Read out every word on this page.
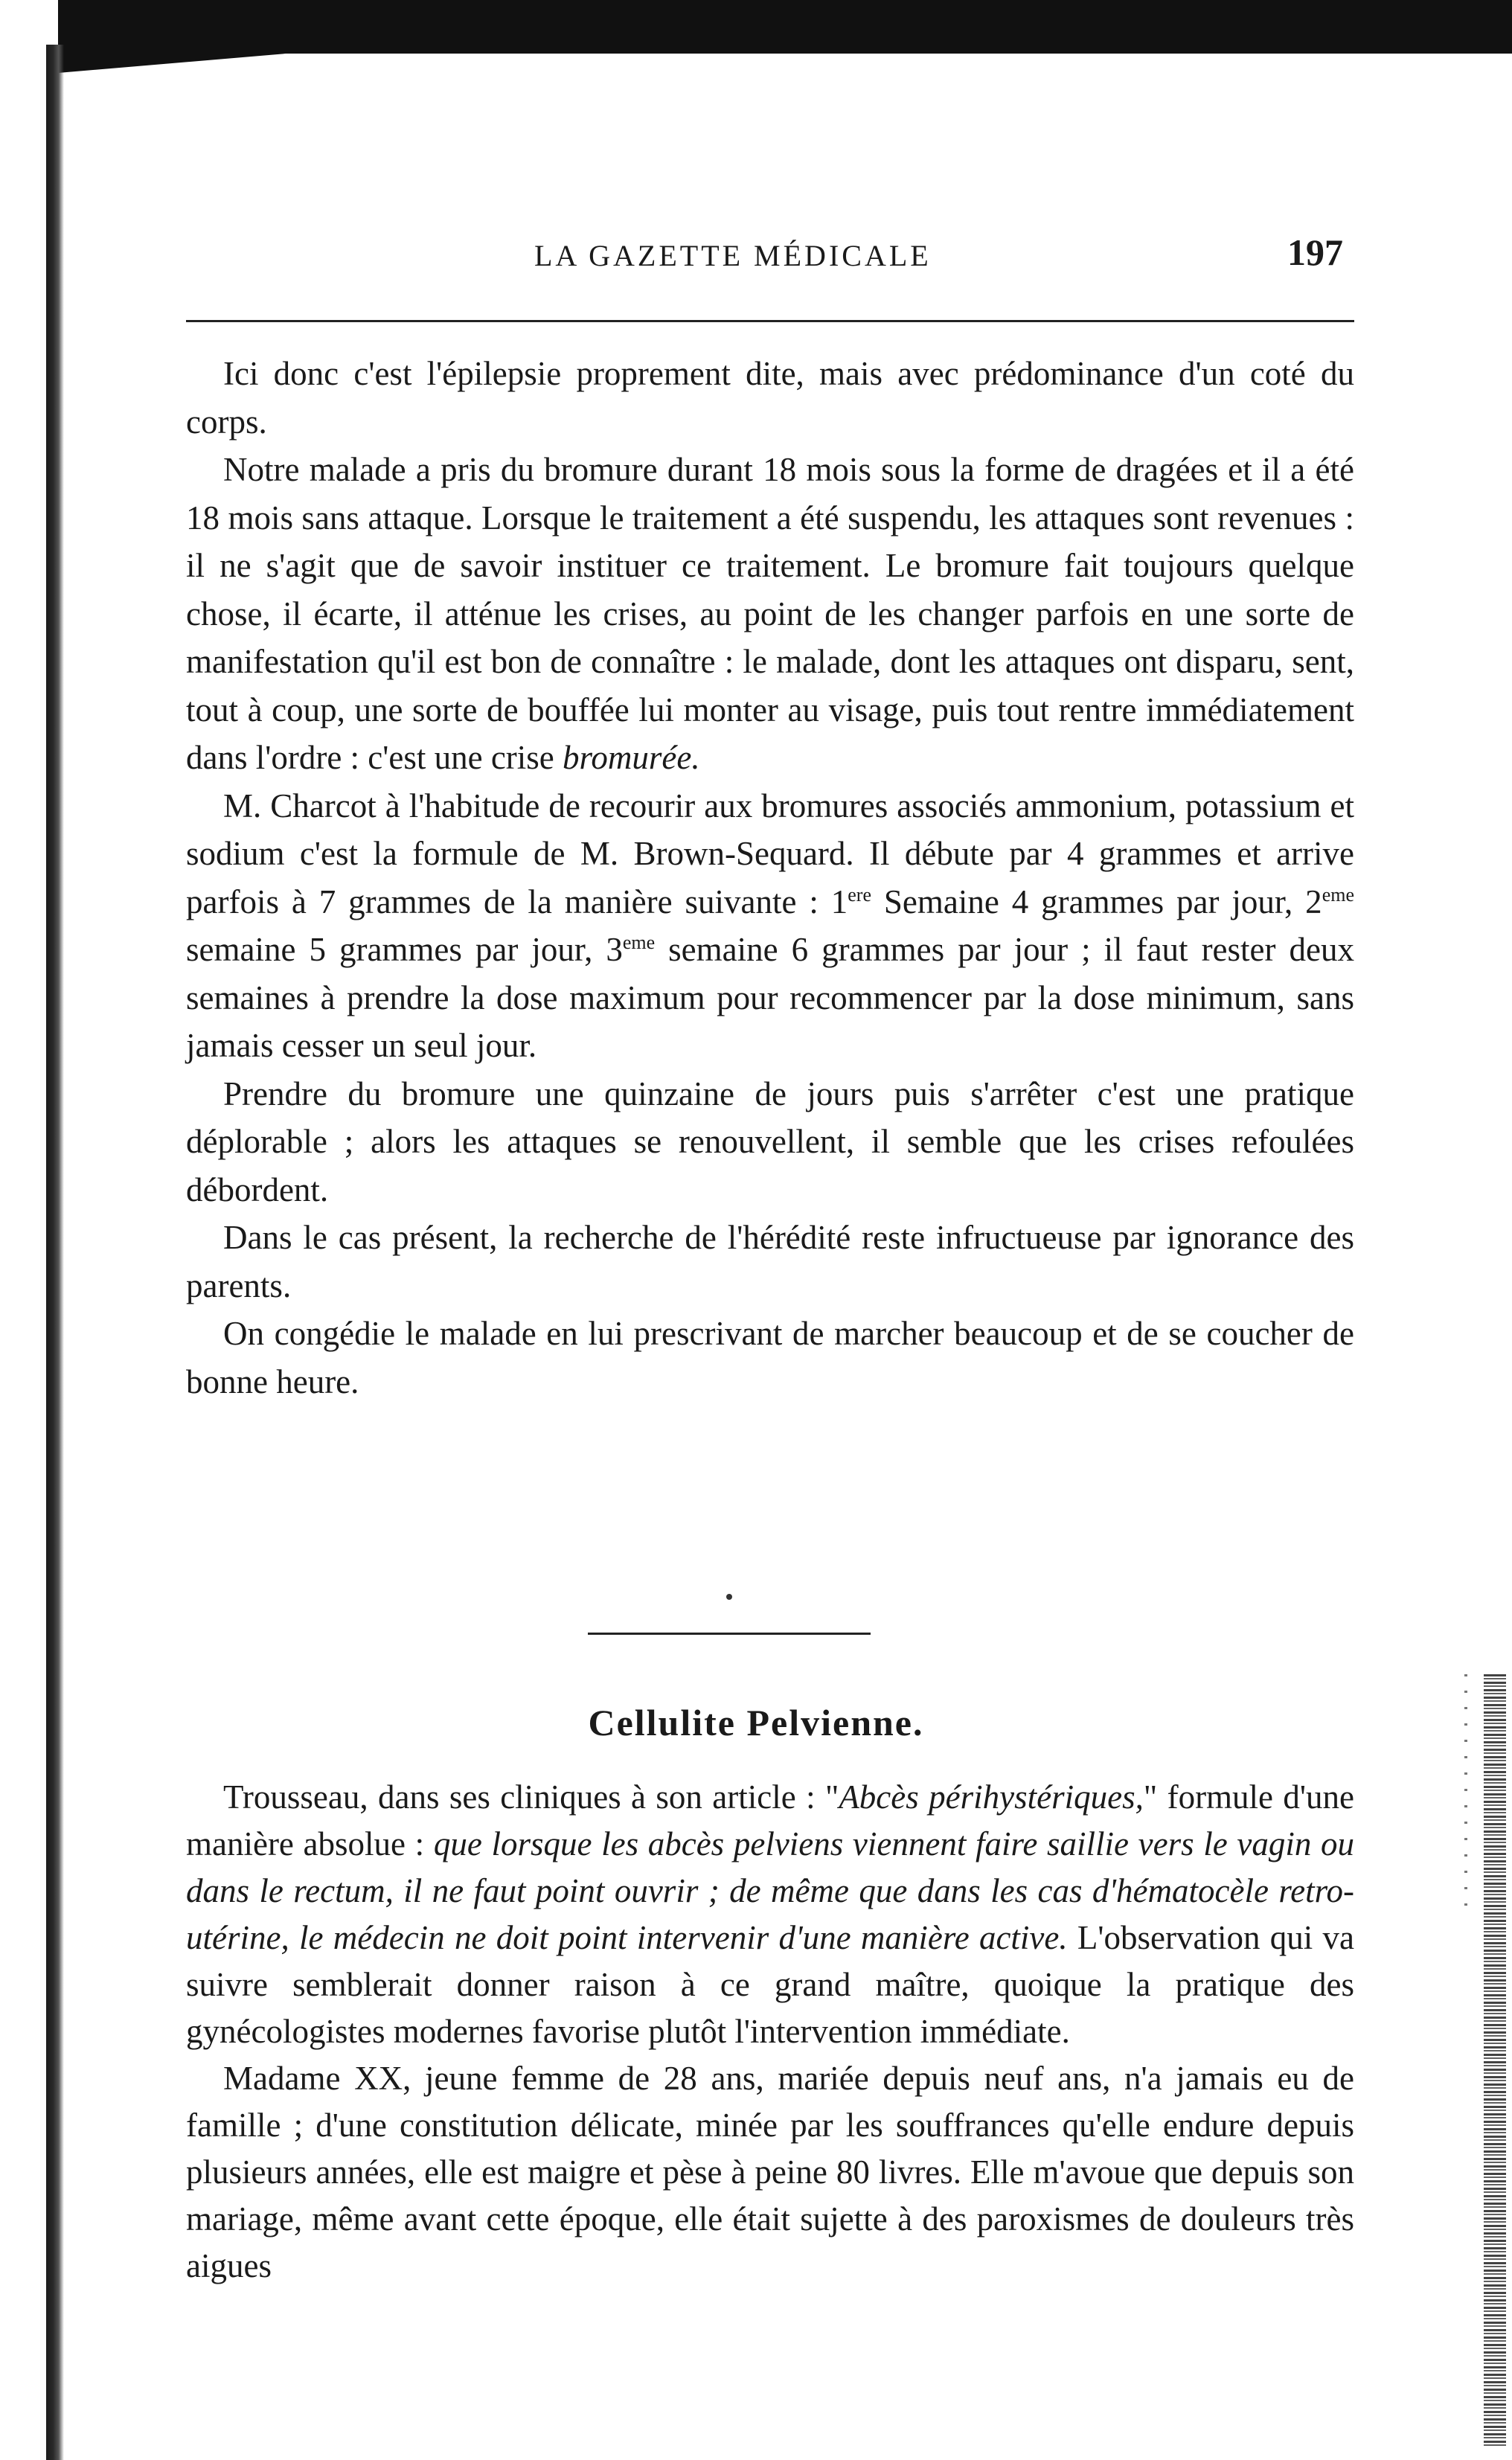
LA GAZETTE MÉDICALE	197

Ici donc c'est l'épilepsie proprement dite, mais avec prédominance d'un coté du corps.

Notre malade a pris du bromure durant 18 mois sous la forme de dragées et il a été 18 mois sans attaque. Lorsque le traitement a été suspendu, les attaques sont revenues : il ne s'agit que de savoir instituer ce traitement. Le bromure fait toujours quelque chose, il écarte, il atténue les crises, au point de les changer parfois en une sorte de manifestation qu'il est bon de connaître : le malade, dont les attaques ont disparu, sent, tout à coup, une sorte de bouffée lui monter au visage, puis tout rentre immédiatement dans l'ordre : c'est une crise bromurée.

M. Charcot à l'habitude de recourir aux bromures associés ammonium, potassium et sodium c'est la formule de M. Brown-Sequard. Il débute par 4 grammes et arrive parfois à 7 grammes de la manière suivante : 1ere Semaine 4 grammes par jour, 2eme semaine 5 grammes par jour, 3eme semaine 6 grammes par jour ; il faut rester deux semaines à prendre la dose maximum pour recommencer par la dose minimum, sans jamais cesser un seul jour.

Prendre du bromure une quinzaine de jours puis s'arrêter c'est une pratique déplorable ; alors les attaques se renouvellent, il semble que les crises refoulées débordent.

Dans le cas présent, la recherche de l'hérédité reste infructueuse par ignorance des parents.

On congédie le malade en lui prescrivant de marcher beaucoup et de se coucher de bonne heure.

Cellulite Pelvienne.

Trousseau, dans ses cliniques à son article : "Abcès périhystériques," formule d'une manière absolue : que lorsque les abcès pelviens viennent faire saillie vers le vagin ou dans le rectum, il ne faut point ouvrir ; de même que dans les cas d'hématocèle retro-utérine, le médecin ne doit point intervenir d'une manière active. L'observation qui va suivre semblerait donner raison à ce grand maître, quoique la pratique des gynécologistes modernes favorise plutôt l'intervention immédiate.

Madame XX, jeune femme de 28 ans, mariée depuis neuf ans, n'a jamais eu de famille ; d'une constitution délicate, minée par les souffrances qu'elle endure depuis plusieurs années, elle est maigre et pèse à peine 80 livres. Elle m'avoue que depuis son mariage, même avant cette époque, elle était sujette à des paroxismes de douleurs très aigues
